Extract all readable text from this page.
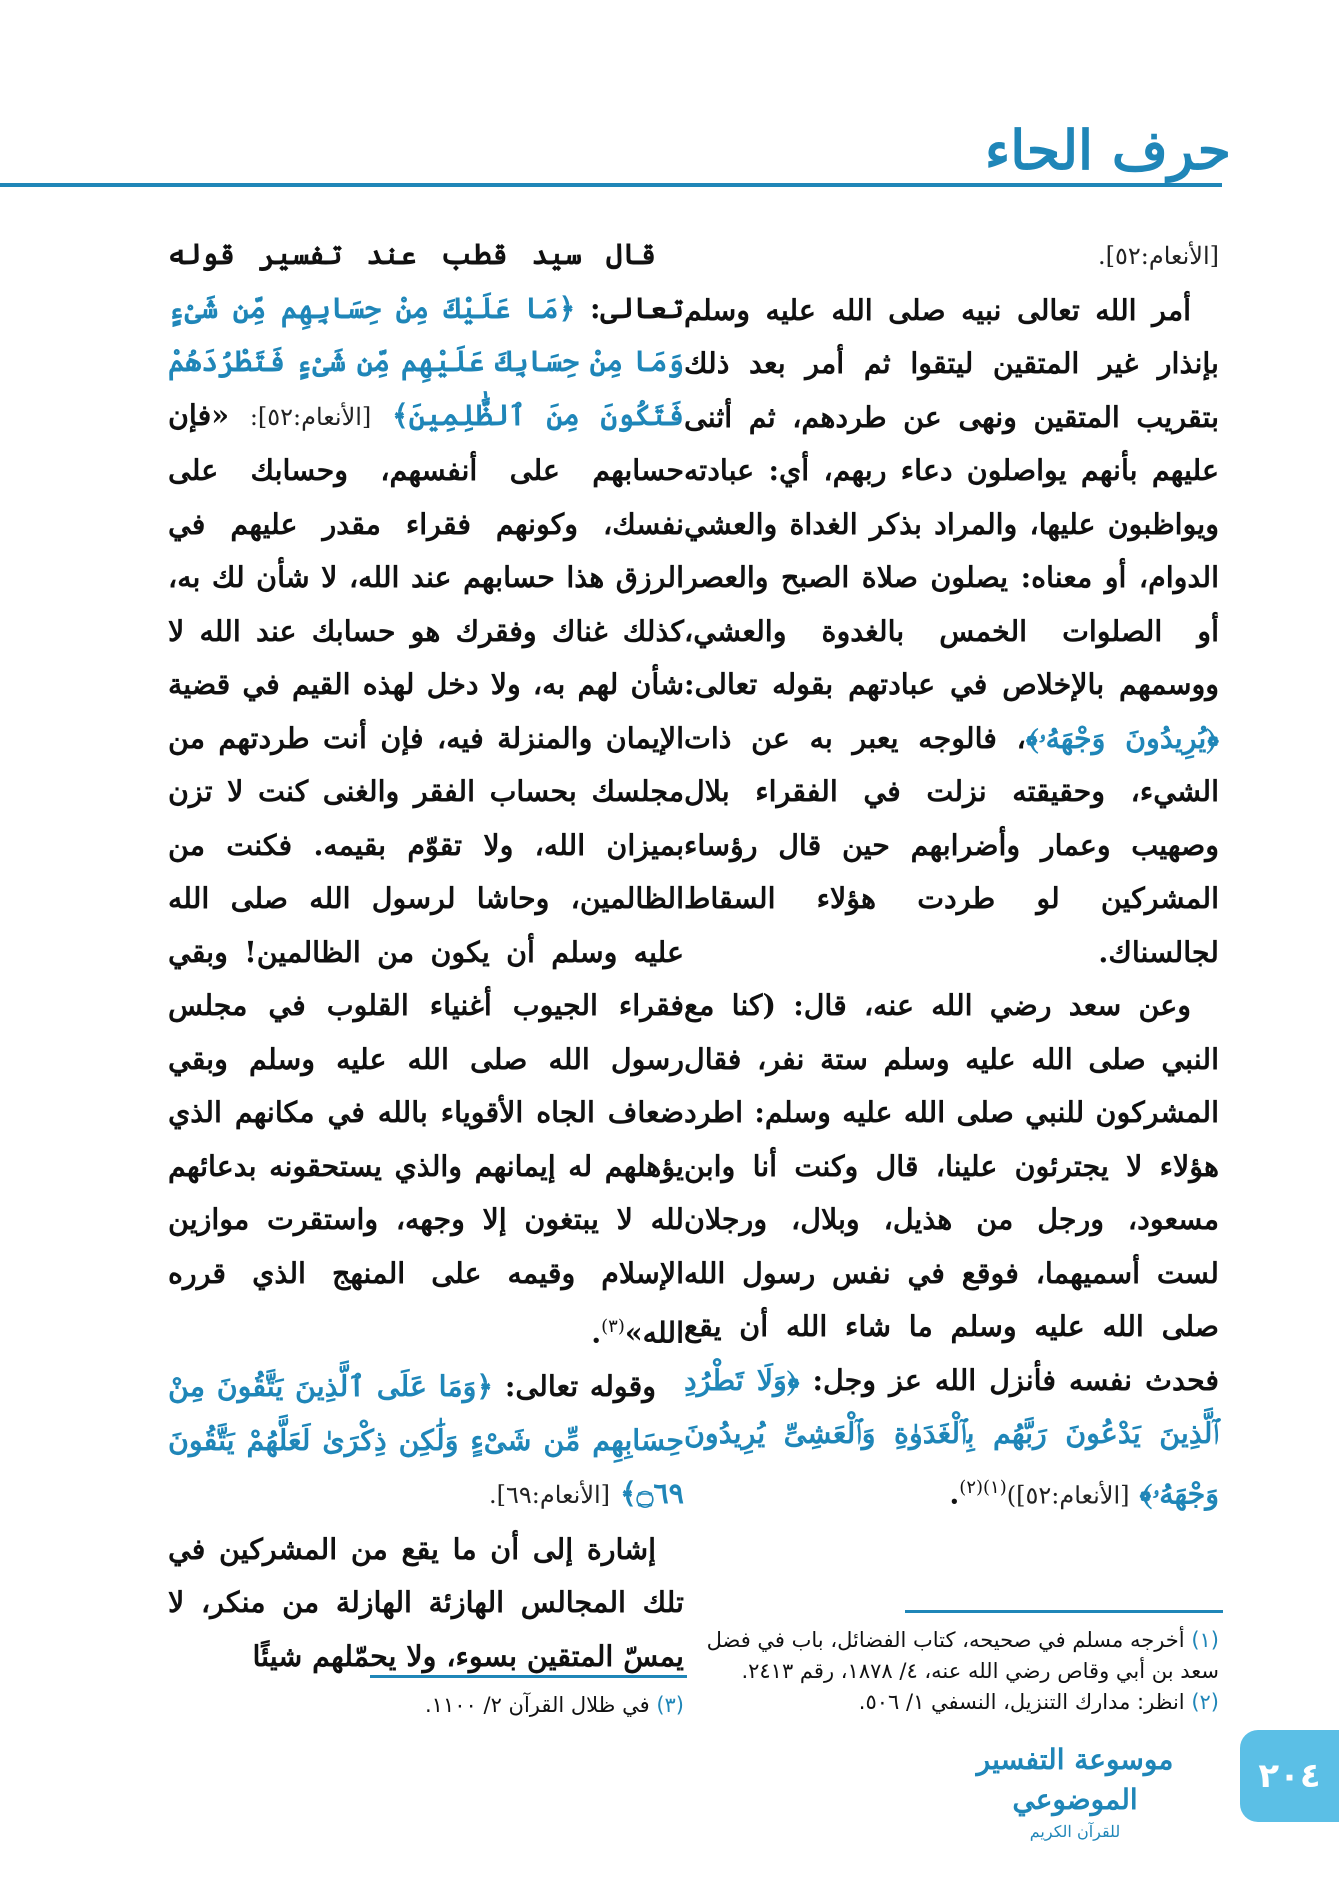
حرف الحاء

[الأنعام:٥٢].

أمر الله تعالى نبيه صلى الله عليه وسلم بإنذار غير المتقين ليتقوا ثم أمر بعد ذلك بتقريب المتقين ونهى عن طردهم، ثم أثنى عليهم بأنهم يواصلون دعاء ربهم، أي: عبادته ويواظبون عليها، والمراد بذكر الغداة والعشي الدوام، أو معناه: يصلون صلاة الصبح والعصر أو الصلوات الخمس بالغدوة والعشي، ووسمهم بالإخلاص في عبادتهم بقوله تعالى: ﴿يُرِيدُونَ وَجْهَهُۥ﴾، فالوجه يعبر به عن ذات الشيء، وحقيقته نزلت في الفقراء بلال وصهيب وعمار وأضرابهم حين قال رؤساء المشركين لو طردت هؤلاء السقاط لجالسناك.

وعن سعد رضي الله عنه، قال: (كنا مع النبي صلى الله عليه وسلم ستة نفر، فقال المشركون للنبي صلى الله عليه وسلم: اطرد هؤلاء لا يجترئون علينا، قال وكنت أنا وابن مسعود، ورجل من هذيل، وبلال، ورجلان لست أسميهما، فوقع في نفس رسول الله صلى الله عليه وسلم ما شاء الله أن يقع فحدث نفسه فأنزل الله عز وجل: ﴿وَلَا تَطْرُدِ ٱلَّذِينَ يَدْعُونَ رَبَّهُم بِٱلْغَدَوٰةِ وَٱلْعَشِىِّ يُرِيدُونَ وَجْهَهُۥ﴾ [الأنعام:٥٢])$^{(١)(٢)}$.

قال سيد قطب عند تفسير قوله تعالى: ﴿مَا عَلَيْكَ مِنْ حِسَابِهِم مِّن شَىْءٍ وَمَا مِنْ حِسَابِكَ عَلَيْهِم مِّن شَىْءٍ فَتَطْرُدَهُمْ فَتَكُونَ مِنَ ٱلظَّٰلِمِينَ﴾ [الأنعام:٥٢]: «فإن حسابهم على أنفسهم، وحسابك على نفسك، وكونهم فقراء مقدر عليهم في الرزق هذا حسابهم عند الله، لا شأن لك به، كذلك غناك وفقرك هو حسابك عند الله لا شأن لهم به، ولا دخل لهذه القيم في قضية الإيمان والمنزلة فيه، فإن أنت طردتهم من مجلسك بحساب الفقر والغنى كنت لا تزن بميزان الله، ولا تقوّم بقيمه. فكنت من الظالمين، وحاشا لرسول الله صلى الله عليه وسلم أن يكون من الظالمين! وبقي فقراء الجيوب أغنياء القلوب في مجلس رسول الله صلى الله عليه وسلم وبقي ضعاف الجاه الأقوياء بالله في مكانهم الذي يؤهلهم له إيمانهم والذي يستحقونه بدعائهم لله لا يبتغون إلا وجهه، واستقرت موازين الإسلام وقيمه على المنهج الذي قرره الله»$^{(٣)}$.

وقوله تعالى: ﴿وَمَا عَلَى ٱلَّذِينَ يَتَّقُونَ مِنْ حِسَابِهِم مِّن شَىْءٍ وَلَٰكِن ذِكْرَىٰ لَعَلَّهُمْ يَتَّقُونَ ۝٦٩﴾ [الأنعام:٦٩].

إشارة إلى أن ما يقع من المشركين في تلك المجالس الهازئة الهازلة من منكر، لا يمسّ المتقين بسوء، ولا يحمّلهم شيئًا	(١) أخرجه مسلم في صحيحه، كتاب الفضائل، باب في فضل سعد بن أبي وقاص رضي الله عنه، ٤/ ١٨٧٨، رقم ٢٤١٣.

(٢) انظر: مدارك التنزيل، النسفي ١/ ٥٠٦.

(٣) في ظلال القرآن ٢/ ١١٠٠.

٢٠٤
موسوعة التفسير الموضوعي
للقرآن الكريم
